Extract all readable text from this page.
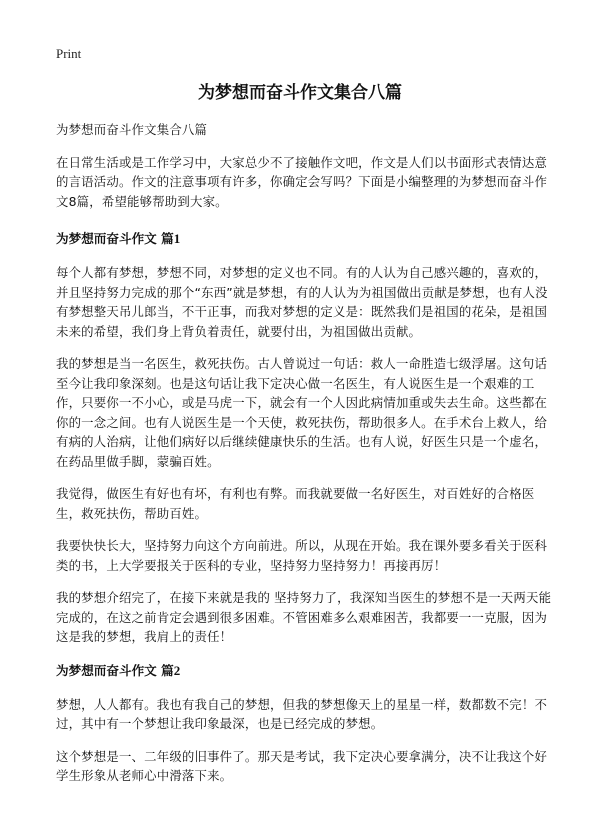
Print
为梦想而奋斗作文集合八篇

为梦想而奋斗作文集合八篇

在日常生活或是工作学习中，大家总少不了接触作文吧，作文是人们以书面形式表情达意的言语活动。作文的注意事项有许多，你确定会写吗？下面是小编整理的为梦想而奋斗作文8篇，希望能够帮助到大家。

为梦想而奋斗作文 篇1

每个人都有梦想，梦想不同，对梦想的定义也不同。有的人认为自己感兴趣的，喜欢的，并且坚持努力完成的那个“东西”就是梦想，有的人认为为祖国做出贡献是梦想，也有人没有梦想整天吊儿郎当，不干正事，而我对梦想的定义是：既然我们是祖国的花朵，是祖国未来的希望，我们身上背负着责任，就要付出，为祖国做出贡献。

我的梦想是当一名医生，救死扶伤。古人曾说过一句话：救人一命胜造七级浮屠。这句话至今让我印象深刻。也是这句话让我下定决心做一名医生，有人说医生是一个艰难的工作，只要你一不小心，或是马虎一下，就会有一个人因此病情加重或失去生命。这些都在你的一念之间。也有人说医生是一个天使，救死扶伤，帮助很多人。在手术台上救人，给有病的人治病，让他们病好以后继续健康快乐的生活。也有人说，好医生只是一个虚名，在药品里做手脚，蒙骗百姓。

我觉得，做医生有好也有坏，有利也有弊。而我就要做一名好医生，对百姓好的合格医生，救死扶伤，帮助百姓。

我要快快长大，坚持努力向这个方向前进。所以，从现在开始。我在课外要多看关于医科类的书，上大学要报关于医科的专业，坚持努力坚持努力！再接再厉！

我的梦想介绍完了，在接下来就是我的 坚持努力了，我深知当医生的梦想不是一天两天能完成的，在这之前肯定会遇到很多困难。不管困难多么艰难困苦，我都要一一克服，因为这是我的梦想，我肩上的责任！

为梦想而奋斗作文 篇2

梦想，人人都有。我也有我自己的梦想，但我的梦想像天上的星星一样，数都数不完！不过，其中有一个梦想让我印象最深，也是已经完成的梦想。

这个梦想是一、二年级的旧事件了。那天是考试，我下定决心要拿满分，决不让我这个好学生形象从老师心中滑落下来。
